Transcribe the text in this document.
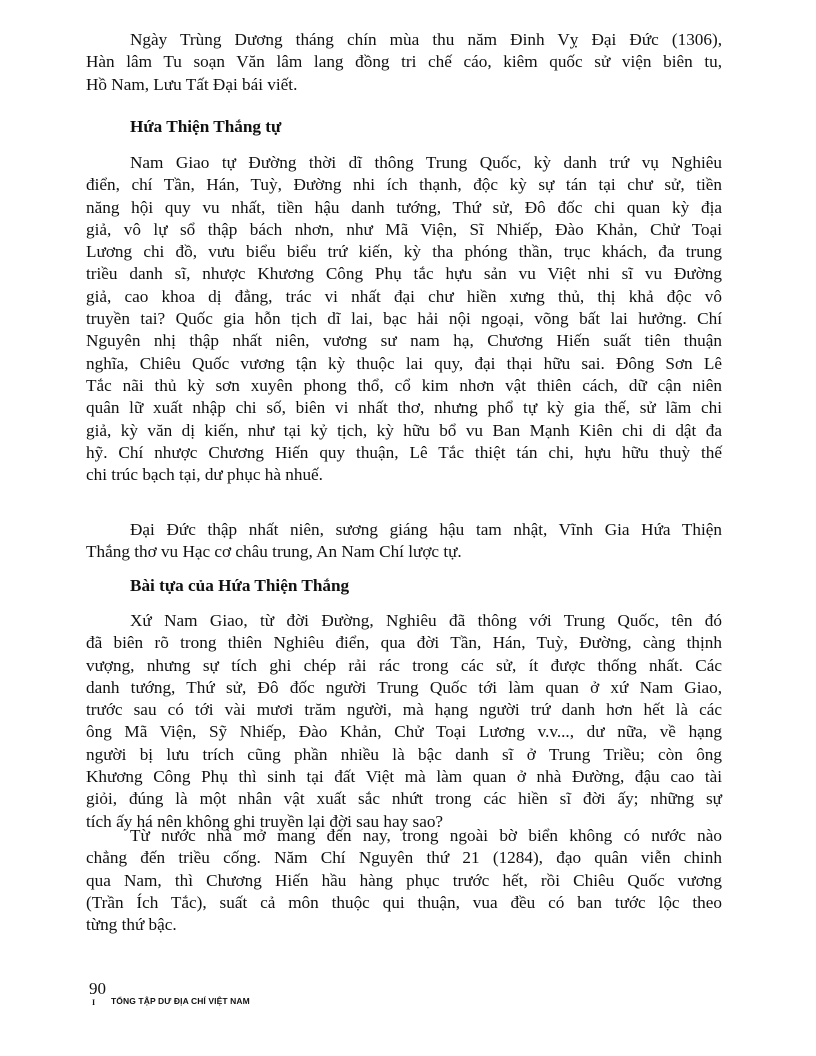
Ngày Trùng Dương tháng chín mùa thu năm Đinh Vỵ Đại Đức (1306),
Hàn lâm Tu soạn Văn lâm lang đồng tri chế cáo, kiêm quốc sử viện biên tu,
Hồ Nam, Lưu Tất Đại bái viết.
Hứa Thiện Thắng tự
Nam Giao tự Đường thời dĩ thông Trung Quốc, kỳ danh trứ vụ Nghiêu
điển, chí Tần, Hán, Tuỳ, Đường nhi ích thạnh, độc kỳ sự tán tại chư sử, tiền
năng hội quy vu nhất, tiền hậu danh tướng, Thứ sử, Đô đốc chi quan kỳ địa
giả, vô lự sổ thập bách nhơn, như Mã Viện, Sĩ Nhiếp, Đào Khản, Chử Toại
Lương chi đồ, vưu biểu biểu trứ kiến, kỳ tha phóng thần, trục khách, đa trung
triều danh sĩ, nhược Khương Công Phụ tắc hựu sản vu Việt nhi sĩ vu Đường
giả, cao khoa dị đẳng, trác vi nhất đại chư hiền xưng thủ, thị khả độc vô
truyền tai? Quốc gia hỗn tịch dĩ lai, bạc hải nội ngoại, võng bất lai hưởng. Chí
Nguyên nhị thập nhất niên, vương sư nam hạ, Chương Hiến suất tiên thuận
nghĩa, Chiêu Quốc vương tận kỳ thuộc lai quy, đại thại hữu sai. Đông Sơn Lê
Tắc nãi thủ kỳ sơn xuyên phong thổ, cổ kim nhơn vật thiên cách, dữ cận niên
quân lữ xuất nhập chi số, biên vi nhất thơ, nhưng phổ tự kỳ gia thế, sử lãm chi
giả, kỳ văn dị kiến, như tại kỷ tịch, kỳ hữu bổ vu Ban Mạnh Kiên chi di dật đa
hỹ. Chí nhược Chương Hiến quy thuận, Lê Tắc thiệt tán chi, hựu hữu thuỳ thế
chi trúc bạch tại, dư phục hà nhuế.
Đại Đức thập nhất niên, sương giáng hậu tam nhật, Vĩnh Gia Hứa Thiện
Thắng thơ vu Hạc cơ châu trung, An Nam Chí lược tự.
Bài tựa của Hứa Thiện Thắng
Xứ Nam Giao, từ đời Đường, Nghiêu đã thông với Trung Quốc, tên đó
đã biên rõ trong thiên Nghiêu điển, qua đời Tần, Hán, Tuỳ, Đường, càng thịnh
vượng, nhưng sự tích ghi chép rải rác trong các sử, ít được thống nhất. Các
danh tướng, Thứ sử, Đô đốc người Trung Quốc tới làm quan ở xứ Nam Giao,
trước sau có tới vài mươi trăm người, mà hạng người trứ danh hơn hết là các
ông Mã Viện, Sỹ Nhiếp, Đào Khản, Chử Toại Lương v.v..., dư nữa, về hạng
người bị lưu trích cũng phần nhiều là bậc danh sĩ ở Trung Triều; còn ông
Khương Công Phụ thì sinh tại đất Việt mà làm quan ở nhà Đường, đậu cao tài
giỏi, đúng là một nhân vật xuất sắc nhứt trong các hiền sĩ đời ấy; những sự
tích ấy há nên không ghi truyền lại đời sau hay sao?
Từ nước nhà mở mang đến nay, trong ngoài bờ biển không có nước nào
chẳng đến triều cống. Năm Chí Nguyên thứ 21 (1284), đạo quân viễn chinh
qua Nam, thì Chương Hiến hầu hàng phục trước hết, rồi Chiêu Quốc vương
(Trần Ích Tắc), suất cả môn thuộc qui thuận, vua đều có ban tước lộc theo
từng thứ bậc.
90
I TỔNG TẬP DƯ ĐỊA CHÍ VIỆT NAM
